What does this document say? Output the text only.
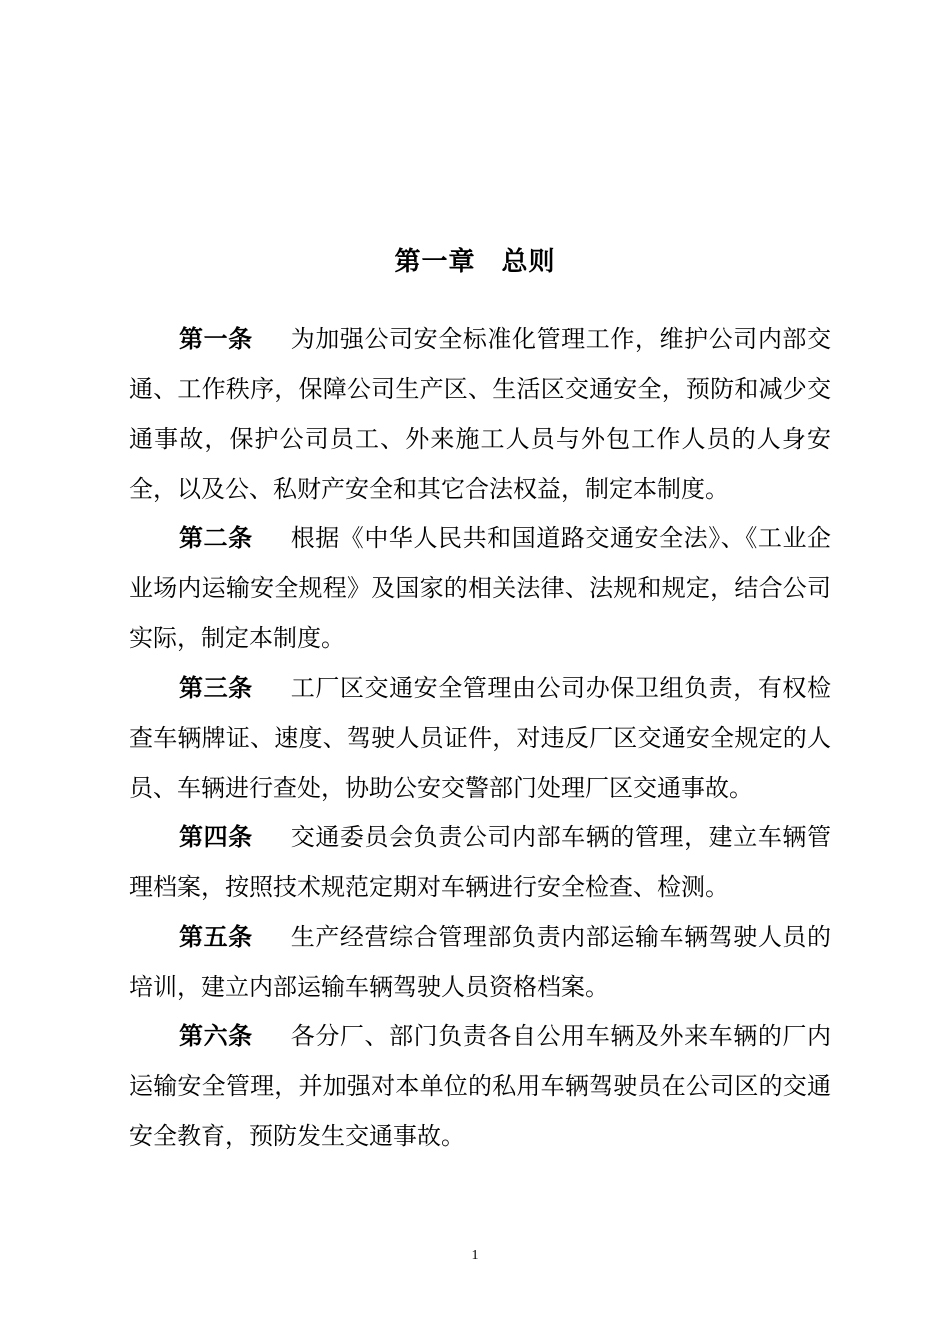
第一章 总则
第一条 为加强公司安全标准化管理工作，维护公司内部交通、工作秩序，保障公司生产区、生活区交通安全，预防和减少交通事故，保护公司员工、外来施工人员与外包工作人员的人身安全，以及公、私财产安全和其它合法权益，制定本制度。
第二条 根据《中华人民共和国道路交通安全法》、《工业企业场内运输安全规程》及国家的相关法律、法规和规定，结合公司实际，制定本制度。
第三条 工厂区交通安全管理由公司办保卫组负责，有权检查车辆牌证、速度、驾驶人员证件，对违反厂区交通安全规定的人员、车辆进行查处，协助公安交警部门处理厂区交通事故。
第四条 交通委员会负责公司内部车辆的管理，建立车辆管理档案，按照技术规范定期对车辆进行安全检查、检测。
第五条 生产经营综合管理部负责内部运输车辆驾驶人员的培训，建立内部运输车辆驾驶人员资格档案。
第六条 各分厂、部门负责各自公用车辆及外来车辆的厂内运输安全管理，并加强对本单位的私用车辆驾驶员在公司区的交通安全教育，预防发生交通事故。
1
